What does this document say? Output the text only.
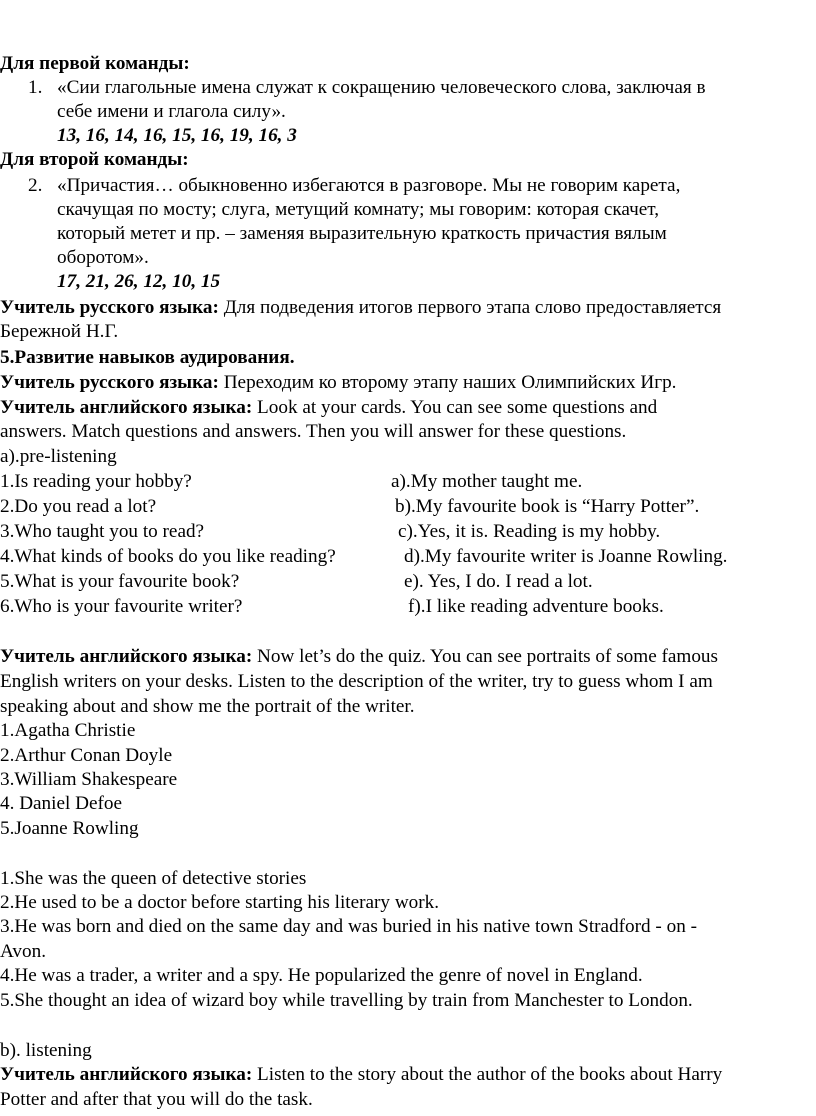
Для первой команды:
1. «Сии глагольные имена служат к сокращению человеческого слова, заключая в
себе имени и глагола силу».
13, 16, 14, 16, 15, 16, 19, 16, 3
Для второй команды:
2. «Причастия… обыкновенно избегаются в разговоре. Мы не говорим карета,
скачущая по мосту; слуга, метущий комнату; мы говорим: которая скачет,
который метет и пр. – заменяя выразительную краткость причастия вялым
оборотом».
17, 21, 26, 12, 10, 15
Учитель русского языка: Для подведения итогов первого этапа слово предоставляется
Бережной Н.Г.
5.Развитие навыков аудирования.
Учитель русского языка: Переходим ко второму этапу наших Олимпийских Игр.
Учитель английского языка: Look at your cards. You can see some questions and
answers. Match questions and answers. Then you will answer for these questions.
a).pre-listening
1.Is reading your hobby?	a).My mother taught me.
2.Do you read a lot?	b).My favourite book is “Harry Potter”.
3.Who taught you to read?	c).Yes, it is. Reading is my hobby.
4.What kinds of books do you like reading?	d).My favourite writer is Joanne Rowling.
5.What is your favourite book?	e). Yes, I do. I read a lot.
6.Who is your favourite writer?	f).I like reading adventure books.
Учитель английского языка: Now let’s do the quiz. You can see portraits of some famous
English writers on your desks. Listen to the description of the writer, try to guess whom I am
speaking about and show me the portrait of the writer.
1.Agatha Christie
2.Arthur Conan Doyle
3.William Shakespeare
4. Daniel Defoe
5.Joanne Rowling
1.She was the queen of detective stories
2.He used to be a doctor before starting his literary work.
3.He was born and died on the same day and was buried in his native town Stradford - on -
Avon.
4.He was a trader, a writer and a spy. He popularized the genre of novel in England.
5.She thought an idea of wizard boy while travelling by train from Manchester to London.
b). listening
Учитель английского языка: Listen to the story about the author of the books about Harry
Potter and after that you will do the task.
